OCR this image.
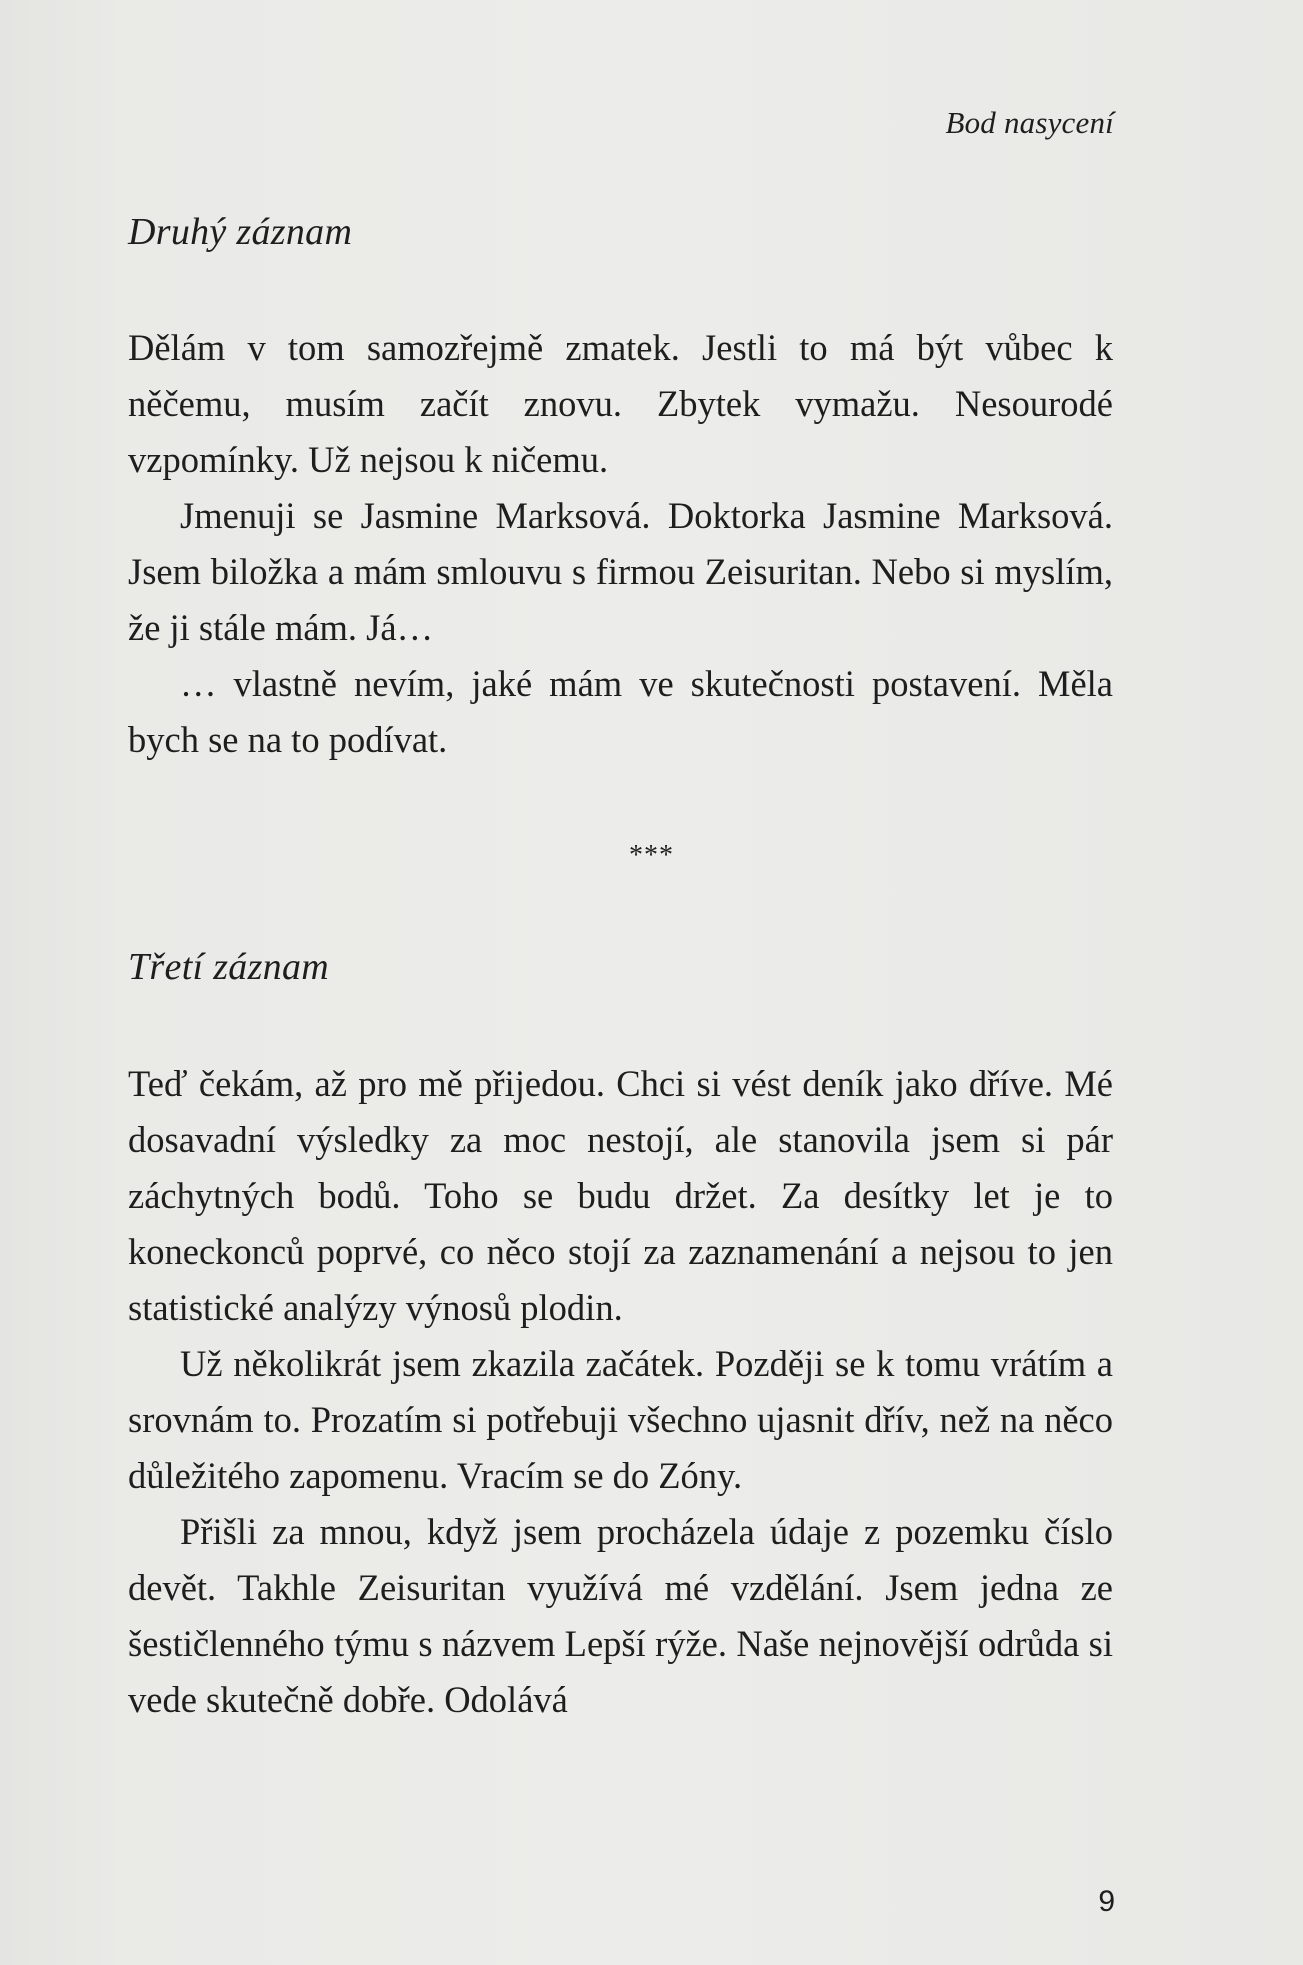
Bod nasycení
Druhý záznam

Dělám v tom samozřejmě zmatek. Jestli to má být vůbec k něčemu, musím začít znovu. Zbytek vymažu. Nesourodé vzpomínky. Už nejsou k ničemu.

Jmenuji se Jasmine Marksová. Doktorka Jasmine Marksová. Jsem biložka a mám smlouvu s firmou Zeisuritan. Nebo si myslím, že ji stále mám. Já…

… vlastně nevím, jaké mám ve skutečnosti postavení. Měla bych se na to podívat.

***
Třetí záznam

Teď čekám, až pro mě přijedou. Chci si vést deník jako dříve. Mé dosavadní výsledky za moc nestojí, ale stanovila jsem si pár záchytných bodů. Toho se budu držet. Za desítky let je to koneckonců poprvé, co něco stojí za zaznamenání a nejsou to jen statistické analýzy výnosů plodin.

Už několikrát jsem zkazila začátek. Později se k tomu vrátím a srovnám to. Prozatím si potřebuji všechno ujasnit dřív, než na něco důležitého zapomenu. Vracím se do Zóny.

Přišli za mnou, když jsem procházela údaje z pozemku číslo devět. Takhle Zeisuritan využívá mé vzdělání. Jsem jedna ze šestičlenného týmu s názvem Lepší rýže. Naše nejnovější odrůda si vede skutečně dobře. Odolává

9
